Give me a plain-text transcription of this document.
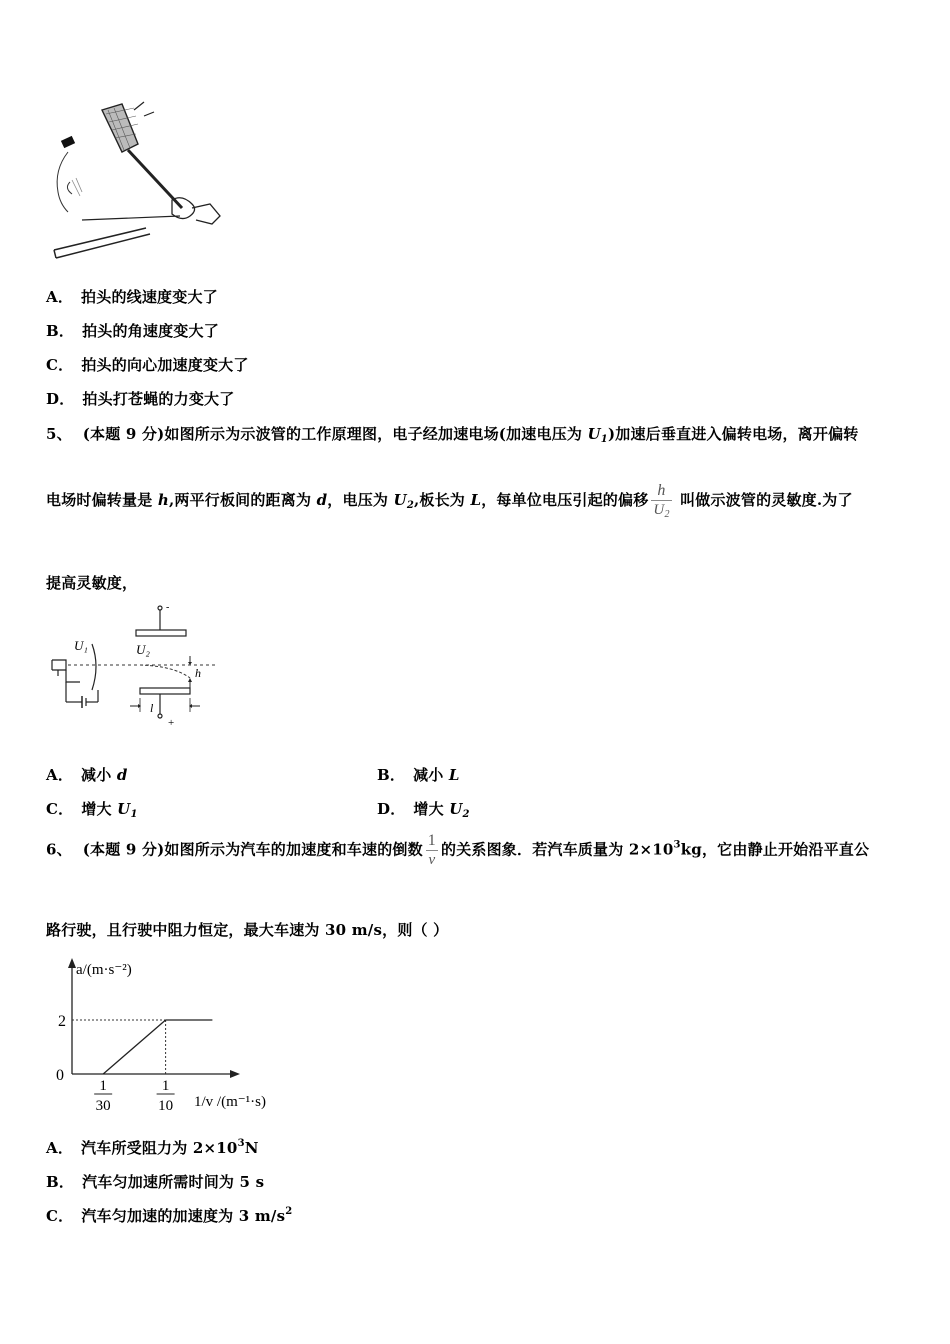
A． 拍头的线速度变大了
B． 拍头的角速度变大了
C． 拍头的向心加速度变大了
D． 拍头打苍蝇的力变大了
5、 (本题 9 分)如图所示为示波管的工作原理图，电子经加速电场(加速电压为 $U_1$)加速后垂直进入偏转电场，离开偏转
电场时偏转量是 h,两平行板间的距离为 d，电压为 $U_2$,板长为 L，每单位电压引起的偏移 $\frac{h}{U_2}$ 叫做示波管的灵敏度.为了
提高灵敏度，
-
+
U₁	U₂
h
l
A． 减小 d	B． 减小 L
C． 增大 $U_1$	D． 增大 $U_2$
6、 (本题 9 分)如图所示为汽车的加速度和车速的倒数 $\frac{1}{v}$ 的关系图象．若汽车质量为 $2\times 10^3kg$，它由静止开始沿平直公
路行驶，且行驶中阻力恒定，最大车速为 30 m/s，则（ ）
a/(m·s⁻²)
0
2
1
30
1
10 1/v /(m⁻¹·s)
A． 汽车所受阻力为 $2\times 10^3N$
B． 汽车匀加速所需时间为 5 s
C． 汽车匀加速的加速度为 3 $m/s^2$
